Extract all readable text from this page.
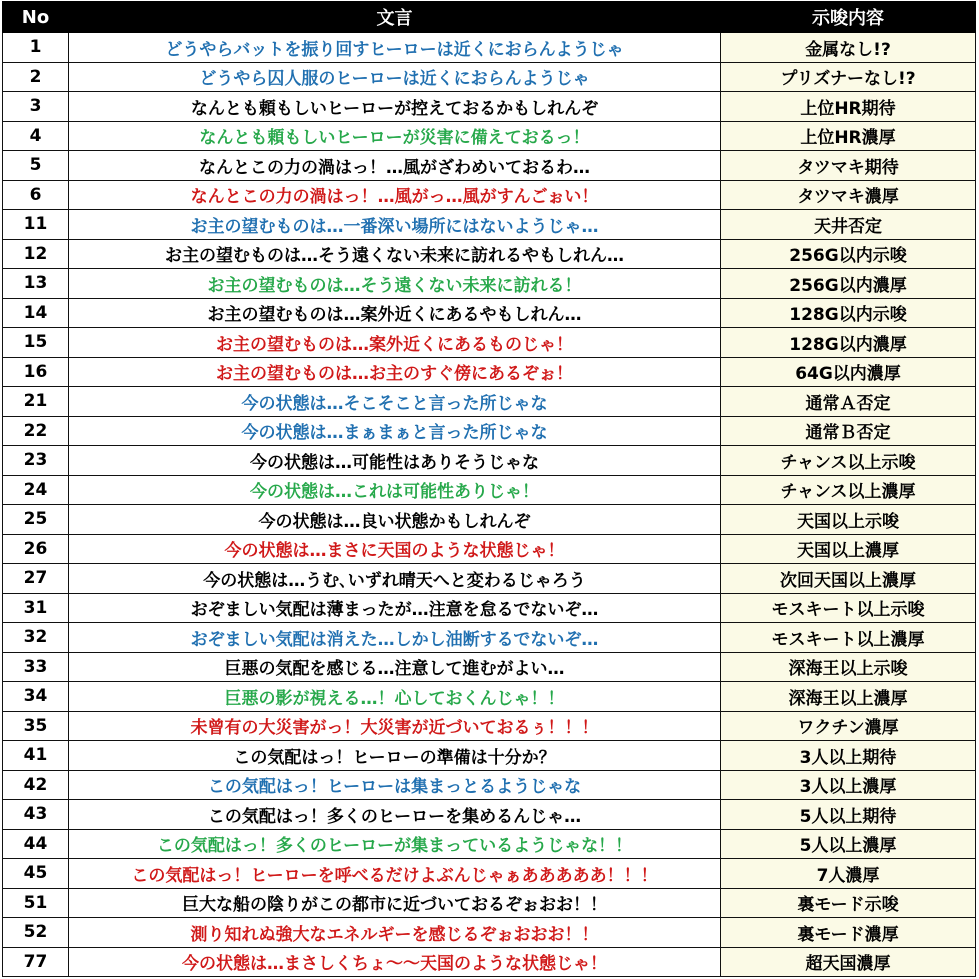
No	文言	示唆内容
1	どうやらバットを振り回すヒーローは近くにおらんようじゃ	金属なし!?
2	どうやら囚人服のヒーローは近くにおらんようじゃ	プリズナーなし!?
3	なんとも頼もしいヒーローが控えておるかもしれんぞ	上位HR期待
4	なんとも頼もしいヒーローが災害に備えておるっ！	上位HR濃厚
5	なんとこの力の渦はっ！…風がざわめいておるわ…	タツマキ期待
6	なんとこの力の渦はっ！…風がっ…風がすんごぉい！	タツマキ濃厚
11	お主の望むものは…一番深い場所にはないようじゃ…	天井否定
12	お主の望むものは…そう遠くない未来に訪れるやもしれん…	256G以内示唆
13	お主の望むものは…そう遠くない未来に訪れる！	256G以内濃厚
14	お主の望むものは…案外近くにあるやもしれん…	128G以内示唆
15	お主の望むものは…案外近くにあるものじゃ！	128G以内濃厚
16	お主の望むものは…お主のすぐ傍にあるぞぉ！	64G以内濃厚
21	今の状態は…そこそこと言った所じゃな	通常Ａ否定
22	今の状態は…まぁまぁと言った所じゃな	通常Ｂ否定
23	今の状態は…可能性はありそうじゃな	チャンス以上示唆
24	今の状態は…これは可能性ありじゃ！	チャンス以上濃厚
25	今の状態は…良い状態かもしれんぞ	天国以上示唆
26	今の状態は…まさに天国のような状態じゃ！	天国以上濃厚
27	今の状態は…うむ､いずれ晴天へと変わるじゃろう	次回天国以上濃厚
31	おぞましい気配は薄まったが…注意を怠るでないぞ…	モスキート以上示唆
32	おぞましい気配は消えた…しかし油断するでないぞ…	モスキート以上濃厚
33	巨悪の気配を感じる…注意して進むがよい…	深海王以上示唆
34	巨悪の影が視える…！心しておくんじゃ！！	深海王以上濃厚
35	未曾有の大災害がっ！大災害が近づいておるぅ！！！	ワクチン濃厚
41	この気配はっ！ヒーローの準備は十分か？	3人以上期待
42	この気配はっ！ヒーローは集まっとるようじゃな	3人以上濃厚
43	この気配はっ！多くのヒーローを集めるんじゃ…	5人以上期待
44	この気配はっ！多くのヒーローが集まっているようじゃな！！	5人以上濃厚
45	この気配はっ！ヒーローを呼べるだけよぶんじゃぁあああああ！！！	7人濃厚
51	巨大な船の陰りがこの都市に近づいておるぞぉおお！！	裏モード示唆
52	測り知れぬ強大なエネルギーを感じるぞぉおおお！！	裏モード濃厚
77	今の状態は…まさしくちょ～～天国のような状態じゃ！	超天国濃厚
